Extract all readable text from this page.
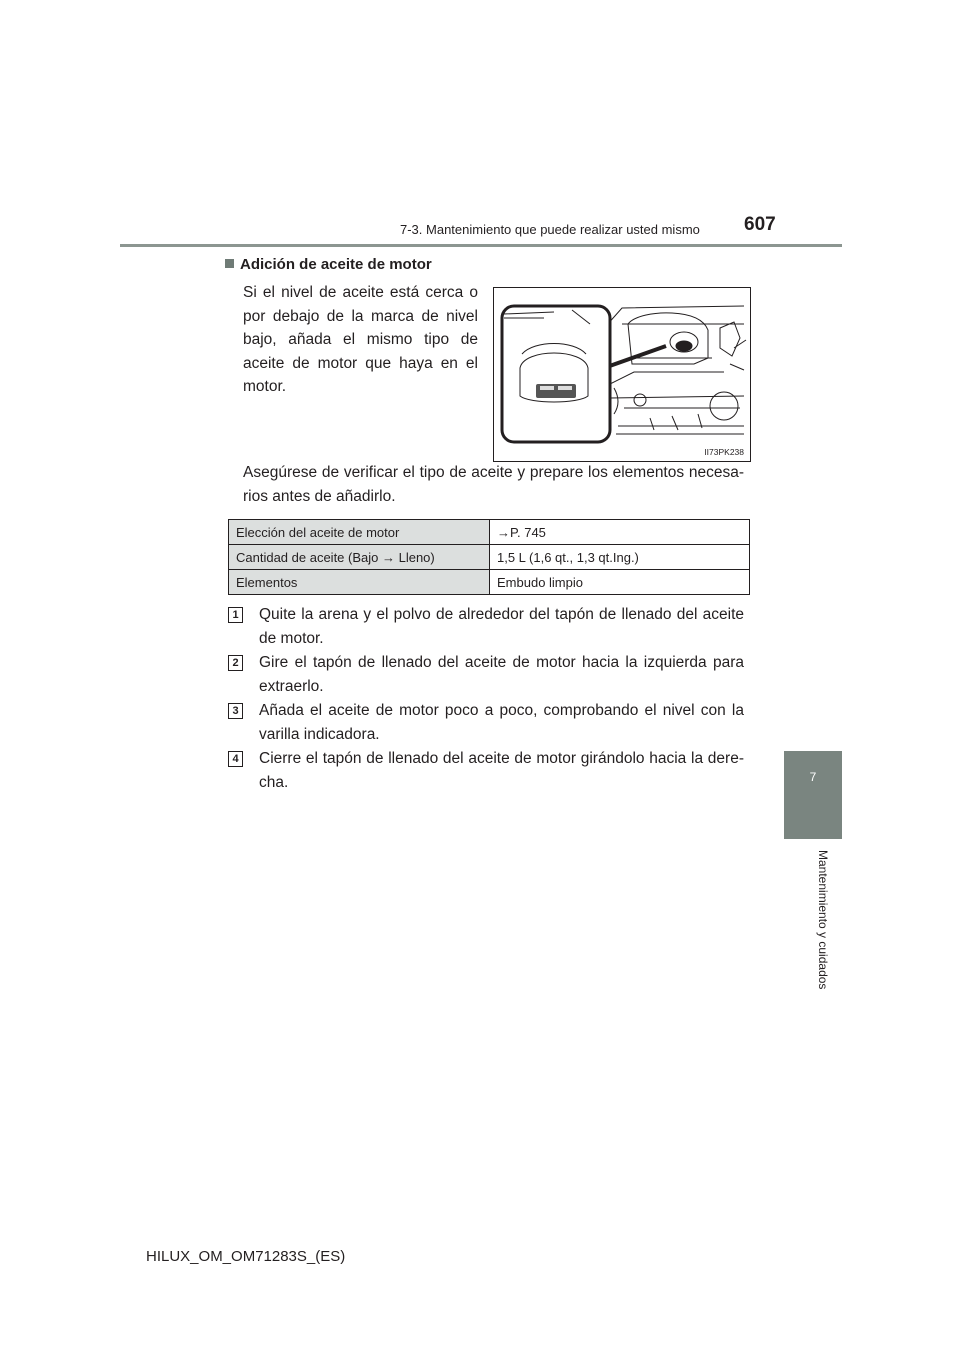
7-3. Mantenimiento que puede realizar usted mismo 607
7
Mantenimiento y cuidados
Adición de aceite de motor
Si el nivel de aceite está cerca o por debajo de la marca de nivel bajo, añada el mismo tipo de aceite de motor que haya en el motor.
II73PK238
Asegúrese de verificar el tipo de aceite y prepare los elementos necesa- rios antes de añadirlo.
Elección del aceite de motor	→P. 745
Cantidad de aceite (Bajo → Lleno)	1,5 L (1,6 qt., 1,3 qt.Ing.)
Elementos	Embudo limpio
1 Quite la arena y el polvo de alrededor del tapón de llenado del aceite de motor.
2 Gire el tapón de llenado del aceite de motor hacia la izquierda para extraerlo.
3 Añada el aceite de motor poco a poco, comprobando el nivel con la varilla indicadora.
4 Cierre el tapón de llenado del aceite de motor girándolo hacia la dere- cha.
HILUX_OM_OM71283S_(ES)
